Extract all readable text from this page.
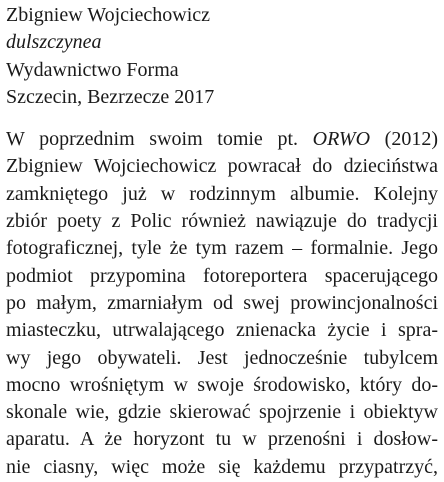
Zbigniew Wojciechowicz
dulszczynea
Wydawnictwo Forma
Szczecin, Bezrzecze 2017
W poprzednim swoim tomie pt. ORWO (2012)
Zbigniew Wojciechowicz powracał do dzieciństwa
zamkniętego już w rodzinnym albumie. Kolejny
zbiór poety z Polic również nawiązuje do tradycji
fotograficznej, tyle że tym razem – formalnie. Jego
podmiot przypomina fotoreportera spacerującego
po małym, zmarniałym od swej prowincjonalności
miasteczku, utrwalającego znienacka życie i spra-
wy jego obywateli. Jest jednocześnie tubylcem
mocno wrośniętym w swoje środowisko, który do-
skonale wie, gdzie skierować spojrzenie i obiektyw
aparatu. A że horyzont tu w przenośni i dosłow-
nie ciasny, więc może się każdemu przypatrzyć,
